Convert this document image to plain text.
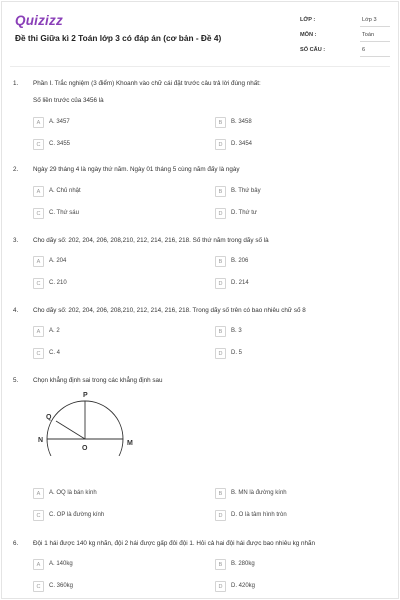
Quizizz
Đề thi Giữa kì 2 Toán lớp 3 có đáp án (cơ bản - Đề 4)
LỚP :	Lớp 3
MÔN :	Toán
SỐ CÂU :	6
1. Phần I. Trắc nghiệm (3 điểm) Khoanh vào chữ cái đặt trước câu trả lời đúng nhất:
Số liền trước của 3456 là
A	A. 3457	B	B. 3458
C	C. 3455	D	D. 3454
2. Ngày 29 tháng 4 là ngày thứ năm. Ngày 01 tháng 5 cùng năm đấy là ngày
A	A. Chủ nhật	B	B. Thứ bảy
C	C. Thứ sáu	D	D. Thứ tư
3. Cho dãy số: 202, 204, 206, 208,210, 212, 214, 216, 218. Số thứ năm trong dãy số là
A	A. 204	B	B. 206
C	C. 210	D	D. 214
4. Cho dãy số: 202, 204, 206, 208,210, 212, 214, 216, 218. Trong dãy số trên có bao nhiêu chữ số 8
A	A. 2	B	B. 3
C	C. 4	D	D. 5
5. Chọn khẳng định sai trong các khẳng định sau
P
Q
N
O
M
A	A. OQ là bán kính	B	B. MN là đường kính
C	C. OP là đường kính	D	D. O là tâm hình tròn
6. Đội 1 hái được 140 kg nhãn, đội 2 hái được gấp đôi đội 1. Hỏi cả hai đội hái được bao nhiêu kg nhãn
A	A. 140kg	B	B. 280kg
C	C. 360kg	D	D. 420kg
